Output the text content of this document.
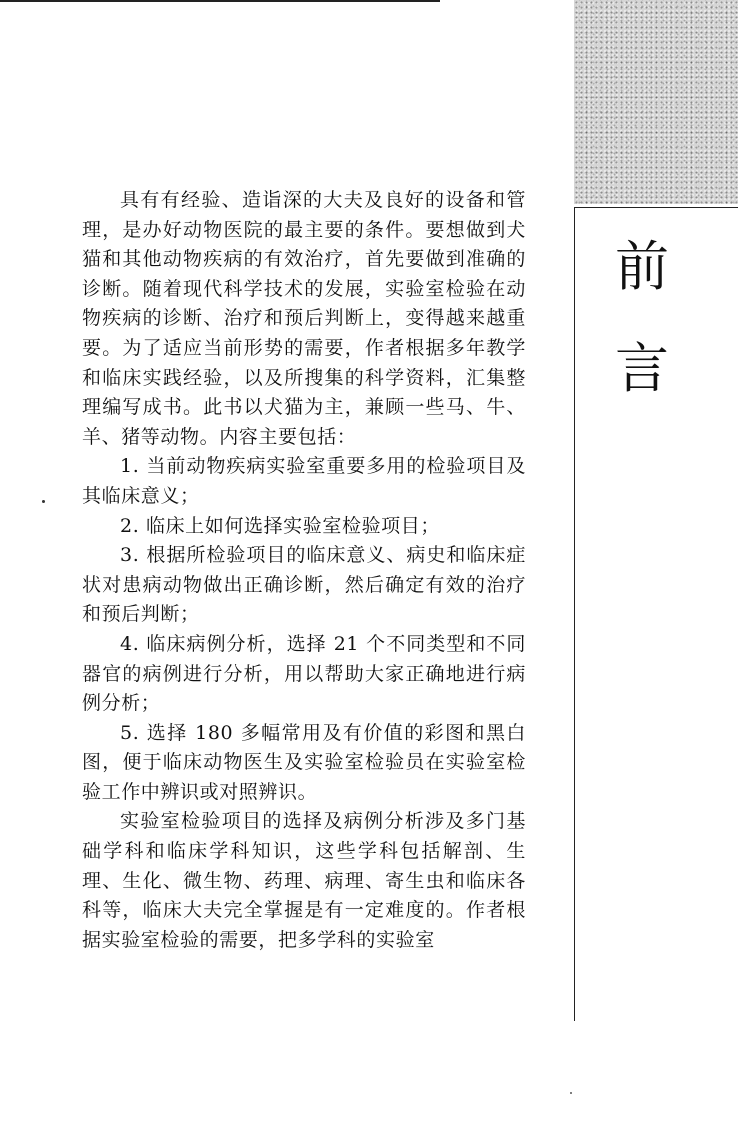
前
言

具有有经验、造诣深的大夫及良好的设备和管理，是办好动物医院的最主要的条件。要想做到犬猫和其他动物疾病的有效治疗，首先要做到准确的诊断。随着现代科学技术的发展，实验室检验在动物疾病的诊断、治疗和预后判断上，变得越来越重要。为了适应当前形势的需要，作者根据多年教学和临床实践经验，以及所搜集的科学资料，汇集整理编写成书。此书以犬猫为主，兼顾一些马、牛、羊、猪等动物。内容主要包括：

1. 当前动物疾病实验室重要多用的检验项目及其临床意义；

2. 临床上如何选择实验室检验项目；

3. 根据所检验项目的临床意义、病史和临床症状对患病动物做出正确诊断，然后确定有效的治疗和预后判断；

4. 临床病例分析，选择 21 个不同类型和不同器官的病例进行分析，用以帮助大家正确地进行病例分析；

5. 选择 180 多幅常用及有价值的彩图和黑白图，便于临床动物医生及实验室检验员在实验室检验工作中辨识或对照辨识。

实验室检验项目的选择及病例分析涉及多门基础学科和临床学科知识，这些学科包括解剖、生理、生化、微生物、药理、病理、寄生虫和临床各科等，临床大夫完全掌握是有一定难度的。作者根据实验室检验的需要，把多学科的实验室
